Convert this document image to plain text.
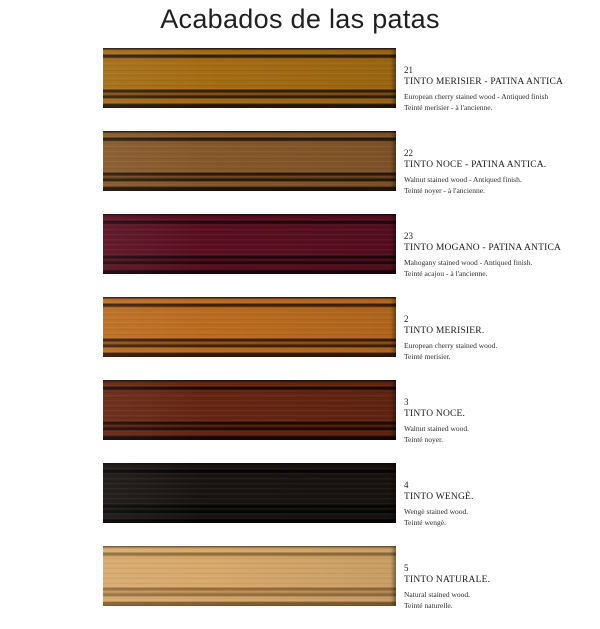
Acabados de las patas
21
TINTO MERISIER - PATINA ANTICA
European cherry stained wood - Antiqued finish
Teinté merisier - à l'ancienne.
22
TINTO NOCE - PATINA ANTICA.
Walnut stained wood - Antiqued finish.
Teinté noyer - à l'ancienne.
23
TINTO MOGANO - PATINA ANTICA
Mahogany stained wood - Antiqued finish.
Teinté acajou - à l'ancienne.
2
TINTO MERISIER.
European cherry stained wood.
Teinté merisier.
3
TINTO NOCE.
Walnut stained wood.
Teinté noyer.
4
TINTO WENGÈ.
Wengè stained wood.
Teinté wengè.
5
TINTO NATURALE.
Natural stained wood.
Teinté naturelle.
